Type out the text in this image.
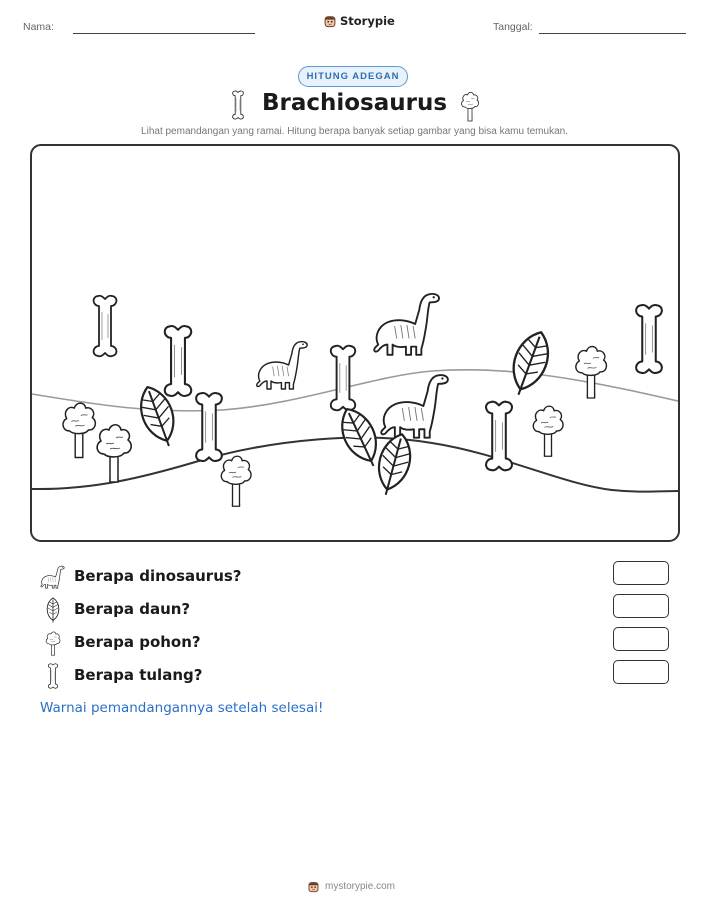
Nama:	Storypie	Tanggal:
HITUNG ADEGAN
Brachiosaurus
Lihat pemandangan yang ramai. Hitung berapa banyak setiap gambar yang bisa kamu temukan.
Berapa dinosaurus?
Berapa daun?
Berapa pohon?
Berapa tulang?
Warnai pemandangannya setelah selesai!
mystorypie.com
